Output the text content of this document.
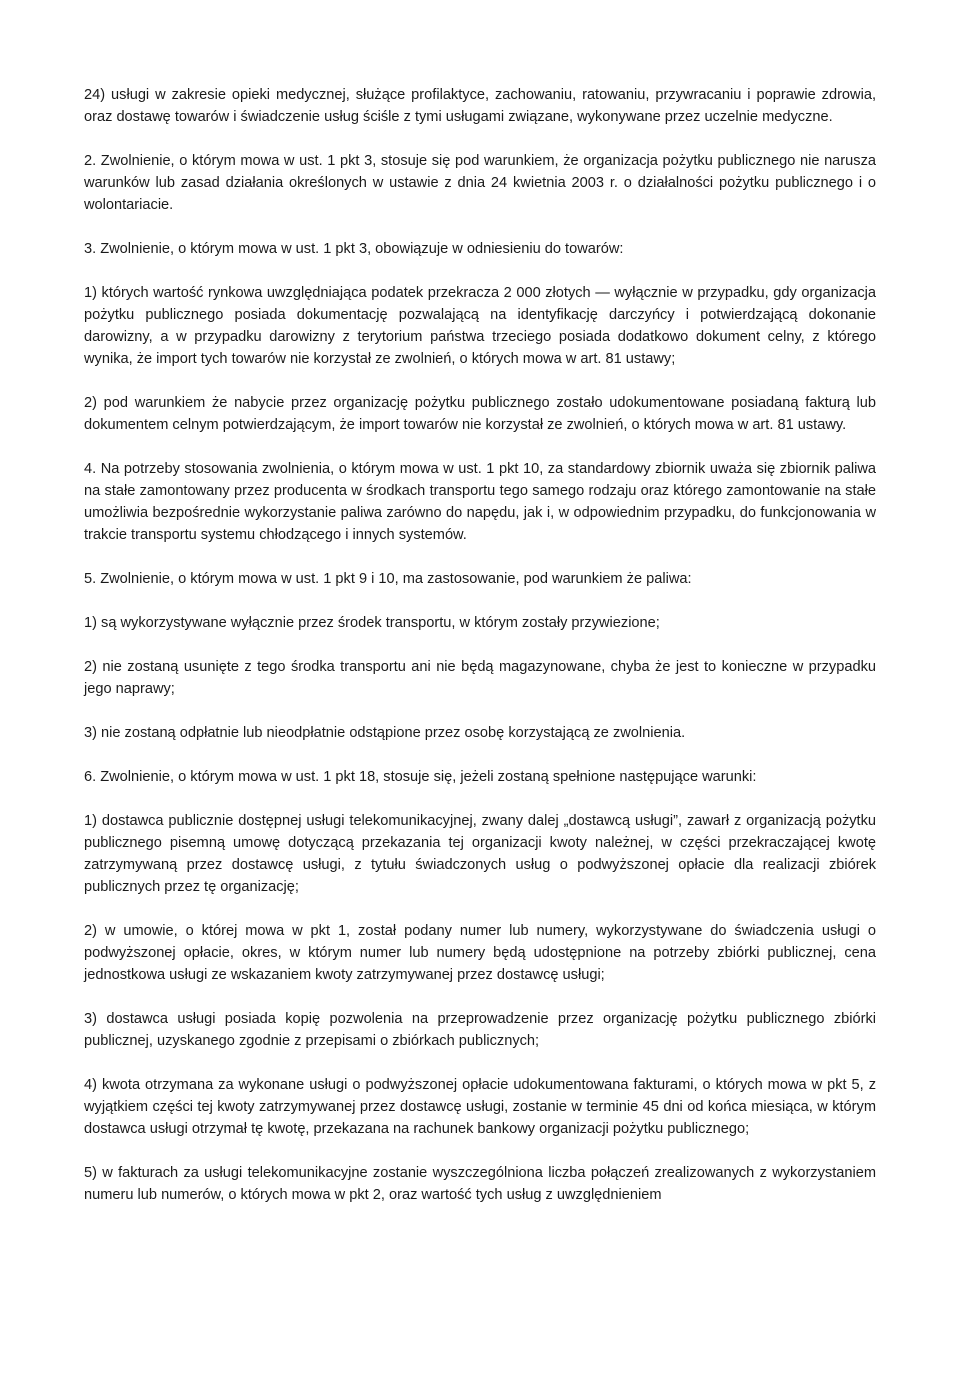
24) usługi w zakresie opieki medycznej, służące profilaktyce, zachowaniu, ratowaniu, przywracaniu i poprawie zdrowia, oraz dostawę towarów i świadczenie usług ściśle z tymi usługami związane, wykonywane przez uczelnie medyczne.

2. Zwolnienie, o którym mowa w ust. 1 pkt 3, stosuje się pod warunkiem, że organizacja pożytku publicznego nie narusza warunków lub zasad działania określonych w ustawie z dnia 24 kwietnia 2003 r. o działalności pożytku publicznego i o wolontariacie.

3. Zwolnienie, o którym mowa w ust. 1 pkt 3, obowiązuje w odniesieniu do towarów:

1) których wartość rynkowa uwzględniająca podatek przekracza 2 000 złotych — wyłącznie w przypadku, gdy organizacja pożytku publicznego posiada dokumentację pozwalającą na identyfikację darczyńcy i potwierdzającą dokonanie darowizny, a w przypadku darowizny z terytorium państwa trzeciego posiada dodatkowo dokument celny, z którego wynika, że import tych towarów nie korzystał ze zwolnień, o których mowa w art. 81 ustawy;

2) pod warunkiem że nabycie przez organizację pożytku publicznego zostało udokumentowane posiadaną fakturą lub dokumentem celnym potwierdzającym, że import towarów nie korzystał ze zwolnień, o których mowa w art. 81 ustawy.

4. Na potrzeby stosowania zwolnienia, o którym mowa w ust. 1 pkt 10, za standardowy zbiornik uważa się zbiornik paliwa na stałe zamontowany przez producenta w środkach transportu tego samego rodzaju oraz którego zamontowanie na stałe umożliwia bezpośrednie wykorzystanie paliwa zarówno do napędu, jak i, w odpowiednim przypadku, do funkcjonowania w trakcie transportu systemu chłodzącego i innych systemów.

5. Zwolnienie, o którym mowa w ust. 1 pkt 9 i 10, ma zastosowanie, pod warunkiem że paliwa:

1) są wykorzystywane wyłącznie przez środek transportu, w którym zostały przywiezione;

2) nie zostaną usunięte z tego środka transportu ani nie będą magazynowane, chyba że jest to konieczne w przypadku jego naprawy;

3) nie zostaną odpłatnie lub nieodpłatnie odstąpione przez osobę korzystającą ze zwolnienia.

6. Zwolnienie, o którym mowa w ust. 1 pkt 18, stosuje się, jeżeli zostaną spełnione następujące warunki:

1) dostawca publicznie dostępnej usługi telekomunikacyjnej, zwany dalej „dostawcą usługi”, zawarł z organizacją pożytku publicznego pisemną umowę dotyczącą przekazania tej organizacji kwoty należnej, w części przekraczającej kwotę zatrzymywaną przez dostawcę usługi, z tytułu świadczonych usług o podwyższonej opłacie dla realizacji zbiórek publicznych przez tę organizację;

2) w umowie, o której mowa w pkt 1, został podany numer lub numery, wykorzystywane do świadczenia usługi o podwyższonej opłacie, okres, w którym numer lub numery będą udostępnione na potrzeby zbiórki publicznej, cena jednostkowa usługi ze wskazaniem kwoty zatrzymywanej przez dostawcę usługi;

3) dostawca usługi posiada kopię pozwolenia na przeprowadzenie przez organizację pożytku publicznego zbiórki publicznej, uzyskanego zgodnie z przepisami o zbiórkach publicznych;

4) kwota otrzymana za wykonane usługi o podwyższonej opłacie udokumentowana fakturami, o których mowa w pkt 5, z wyjątkiem części tej kwoty zatrzymywanej przez dostawcę usługi, zostanie w terminie 45 dni od końca miesiąca, w którym dostawca usługi otrzymał tę kwotę, przekazana na rachunek bankowy organizacji pożytku publicznego;

5) w fakturach za usługi telekomunikacyjne zostanie wyszczególniona liczba połączeń zrealizowanych z wykorzystaniem numeru lub numerów, o których mowa w pkt 2, oraz wartość tych usług z uwzględnieniem
